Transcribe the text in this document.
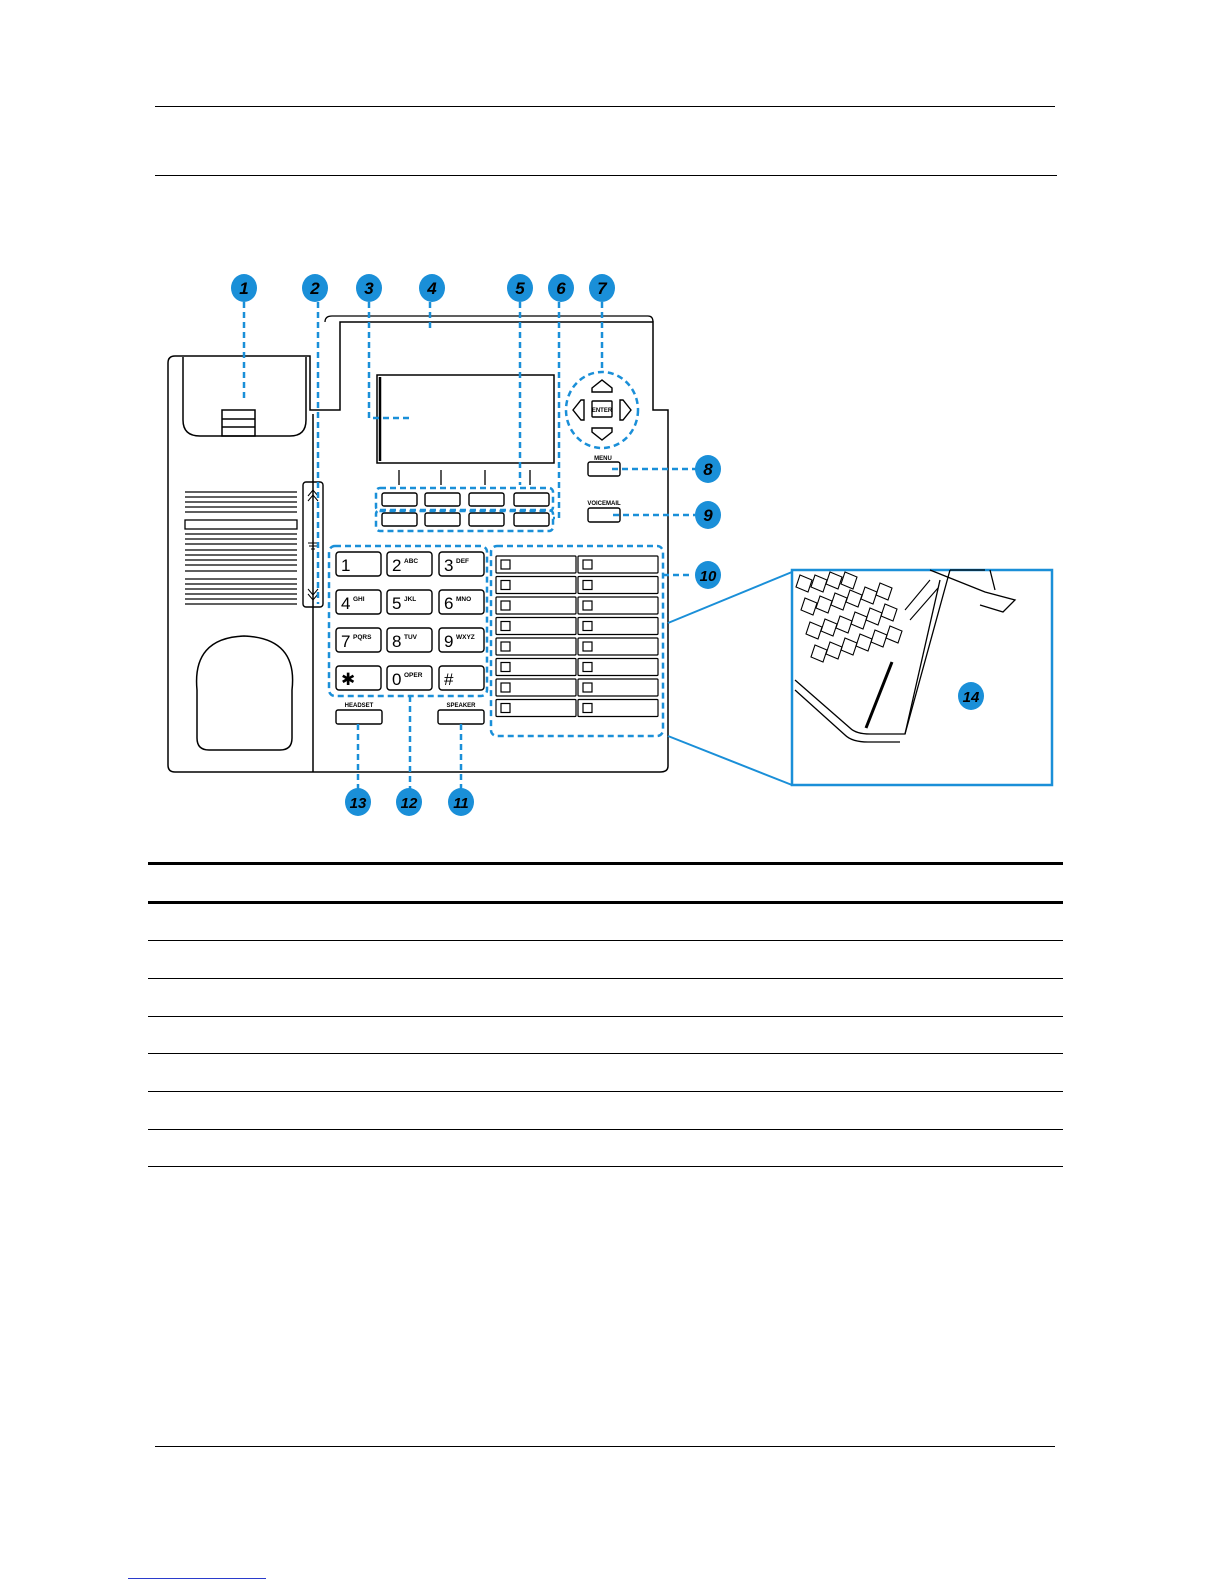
ENTER
MENU
VOICEMAIL
1 2 ABC 3 DEF
4 GHI 5 JKL 6 MNO
7 PQRS 8 TUV 9 WXYZ
✱ 0 OPER #
HEADSET	SPEAKER
1	2	3	4	5 6 7
8
9
10
11
12
13
14
